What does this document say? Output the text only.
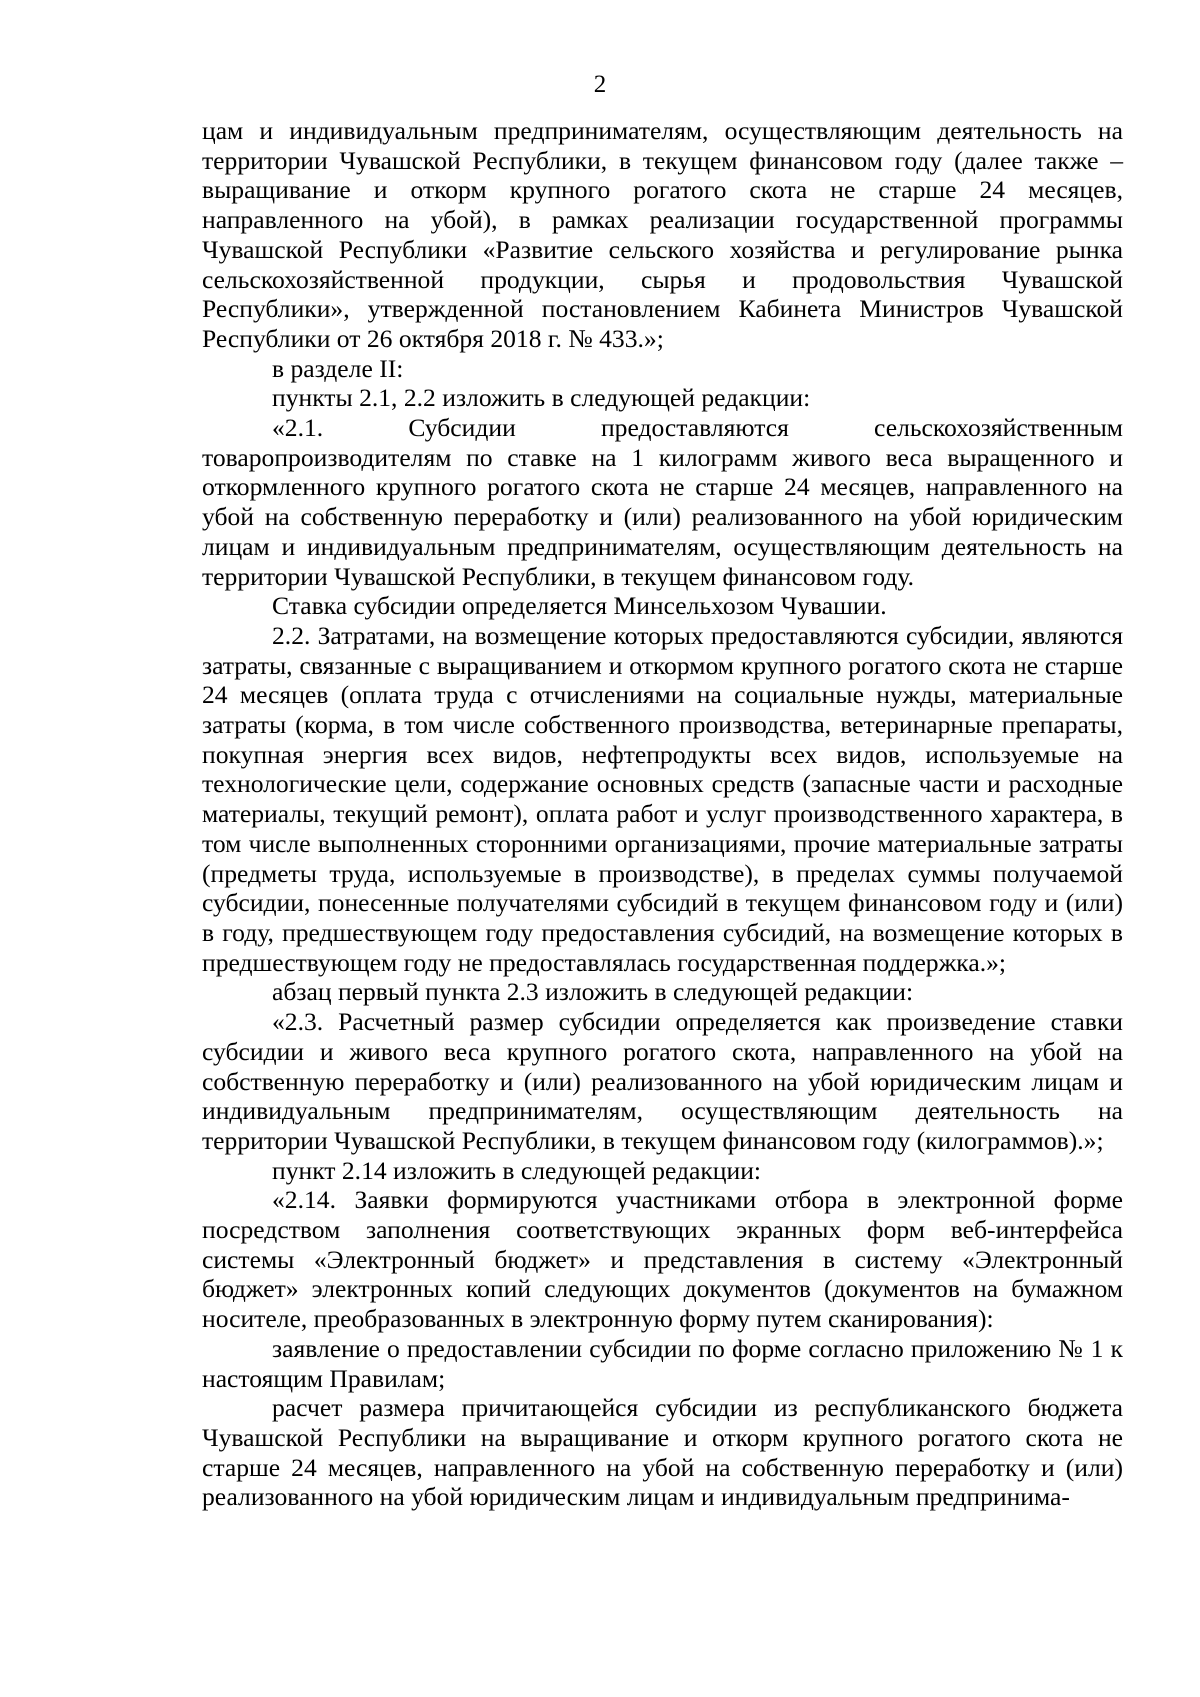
2

цам и индивидуальным предпринимателям, осуществляющим деятельность на территории Чувашской Республики, в текущем финансовом году (далее также – выращивание и откорм крупного рогатого скота не старше 24 месяцев, направленного на убой), в рамках реализации государственной программы Чувашской Республики «Развитие сельского хозяйства и регулирование рынка сельскохозяйственной продукции, сырья и продовольствия Чувашской Республики», утвержденной постановлением Кабинета Министров Чувашской Республики от 26 октября 2018 г. № 433.»;

в разделе II:

пункты 2.1, 2.2 изложить в следующей редакции:

«2.1. Субсидии предоставляются сельскохозяйственным товаропроизводителям по ставке на 1 килограмм живого веса выращенного и откормленного крупного рогатого скота не старше 24 месяцев, направленного на убой на собственную переработку и (или) реализованного на убой юридическим лицам и индивидуальным предпринимателям, осуществляющим деятельность на территории Чувашской Республики, в текущем финансовом году.

Ставка субсидии определяется Минсельхозом Чувашии.

2.2. Затратами, на возмещение которых предоставляются субсидии, являются затраты, связанные с выращиванием и откормом крупного рогатого скота не старше 24 месяцев (оплата труда с отчислениями на социальные нужды, материальные затраты (корма, в том числе собственного производства, ветеринарные препараты, покупная энергия всех видов, нефтепродукты всех видов, используемые на технологические цели, содержание основных средств (запасные части и расходные материалы, текущий ремонт), оплата работ и услуг производственного характера, в том числе выполненных сторонними организациями, прочие материальные затраты (предметы труда, используемые в производстве), в пределах суммы получаемой субсидии, понесенные получателями субсидий в текущем финансовом году и (или) в году, предшествующем году предоставления субсидий, на возмещение которых в предшествующем году не предоставлялась государственная поддержка.»;

абзац первый пункта 2.3 изложить в следующей редакции:

«2.3. Расчетный размер субсидии определяется как произведение ставки субсидии и живого веса крупного рогатого скота, направленного на убой на собственную переработку и (или) реализованного на убой юридическим лицам и индивидуальным предпринимателям, осуществляющим деятельность на территории Чувашской Республики, в текущем финансовом году (килограммов).»;

пункт 2.14 изложить в следующей редакции:

«2.14. Заявки формируются участниками отбора в электронной форме посредством заполнения соответствующих экранных форм веб-интерфейса системы «Электронный бюджет» и представления в систему «Электронный бюджет» электронных копий следующих документов (документов на бумажном носителе, преобразованных в электронную форму путем сканирования):

заявление о предоставлении субсидии по форме согласно приложению № 1 к настоящим Правилам;

расчет размера причитающейся субсидии из республиканского бюджета Чувашской Республики на выращивание и откорм крупного рогатого скота не старше 24 месяцев, направленного на убой на собственную переработку и (или) реализованного на убой юридическим лицам и индивидуальным предпринима-
